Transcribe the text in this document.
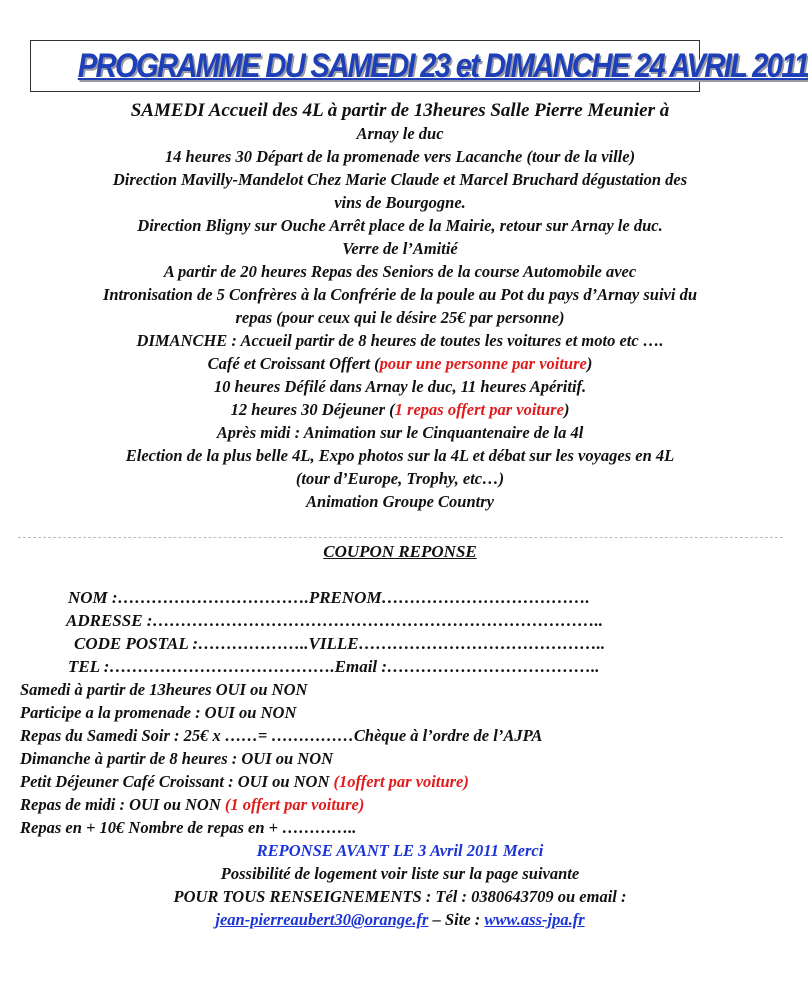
PROGRAMME DU SAMEDI 23 et DIMANCHE 24 AVRIL 2011
SAMEDI Accueil des 4L à partir de 13heures Salle Pierre Meunier à
Arnay le duc
14 heures 30 Départ de la promenade vers Lacanche (tour de la ville)
Direction Mavilly-Mandelot Chez Marie Claude et Marcel Bruchard dégustation des
vins de Bourgogne.
Direction Bligny sur Ouche Arrêt place de la Mairie, retour sur Arnay le duc.
Verre de l’Amitié
A partir de 20 heures Repas des Seniors de la course Automobile avec
Intronisation de 5 Confrères à la Confrérie de la poule au Pot du pays d’Arnay suivi du
repas (pour ceux qui le désire 25€ par personne)
DIMANCHE : Accueil partir de 8 heures de toutes les voitures et moto etc ….
Café et Croissant Offert (pour une personne par voiture)
10 heures Défilé dans Arnay le duc, 11 heures Apéritif.
12 heures 30 Déjeuner (1 repas offert par voiture)
Après midi : Animation sur le Cinquantenaire de la 4l
Election de la plus belle 4L, Expo photos sur la 4L et débat sur les voyages en 4L
(tour d’Europe, Trophy, etc…)
Animation Groupe Country
COUPON REPONSE
NOM :…………………………….PRENOM……………………………….
ADRESSE :……………………………………………………………………..
CODE POSTAL :………………..VILLE……………………………………..
TEL :………………………………….Email :………………………………..
Samedi à partir de 13heures OUI ou NON
Participe a la promenade : OUI ou NON
Repas du Samedi Soir : 25€ x ……= ……………Chèque à l’ordre de l’AJPA
Dimanche à partir de 8 heures : OUI ou NON
Petit Déjeuner Café Croissant : OUI ou NON (1offert par voiture)
Repas de midi : OUI ou NON (1 offert par voiture)
Repas en + 10€ Nombre de repas en + …………..
REPONSE AVANT LE 3 Avril 2011 Merci
Possibilité de logement voir liste sur la page suivante
POUR TOUS RENSEIGNEMENTS : Tél : 0380643709 ou email :
jean-pierreaubert30@orange.fr – Site : www.ass-jpa.fr
